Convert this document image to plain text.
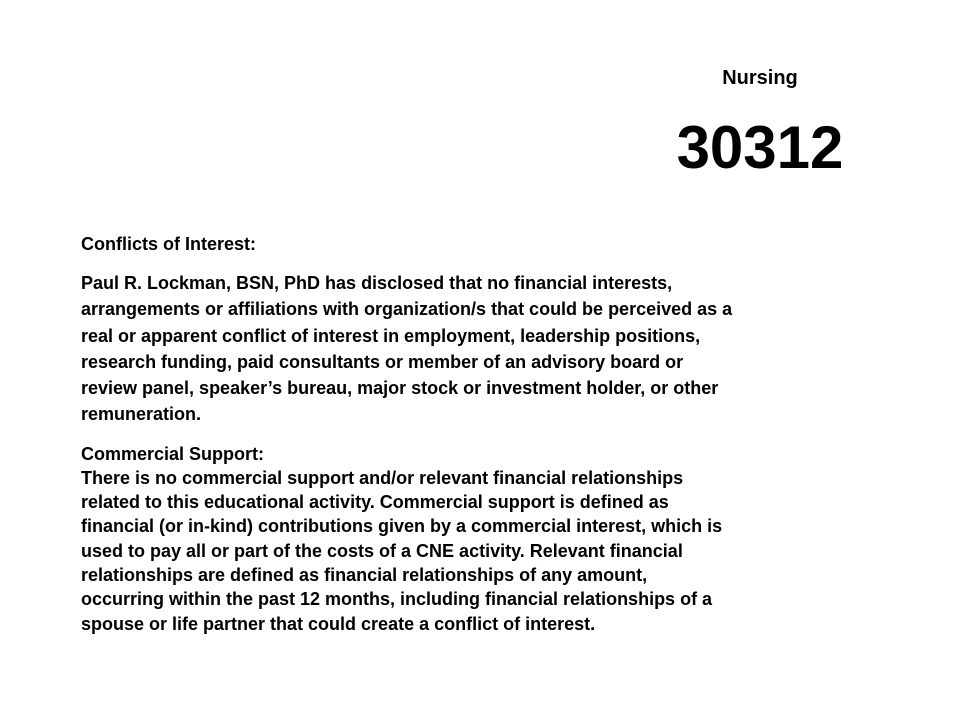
Nursing
30312

Conflicts of Interest:

Paul R. Lockman, BSN, PhD has disclosed that no financial interests,
arrangements or affiliations with organization/s that could be perceived as a
real or apparent conflict of interest in employment, leadership positions,
research funding, paid consultants or member of an advisory board or
review panel, speaker’s bureau, major stock or investment holder, or other
remuneration.

Commercial Support:

There is no commercial support and/or relevant financial relationships
related to this educational activity. Commercial support is defined as
financial (or in-kind) contributions given by a commercial interest, which is
used to pay all or part of the costs of a CNE activity. Relevant financial
relationships are defined as financial relationships of any amount,
occurring within the past 12 months, including financial relationships of a
spouse or life partner that could create a conflict of interest.
